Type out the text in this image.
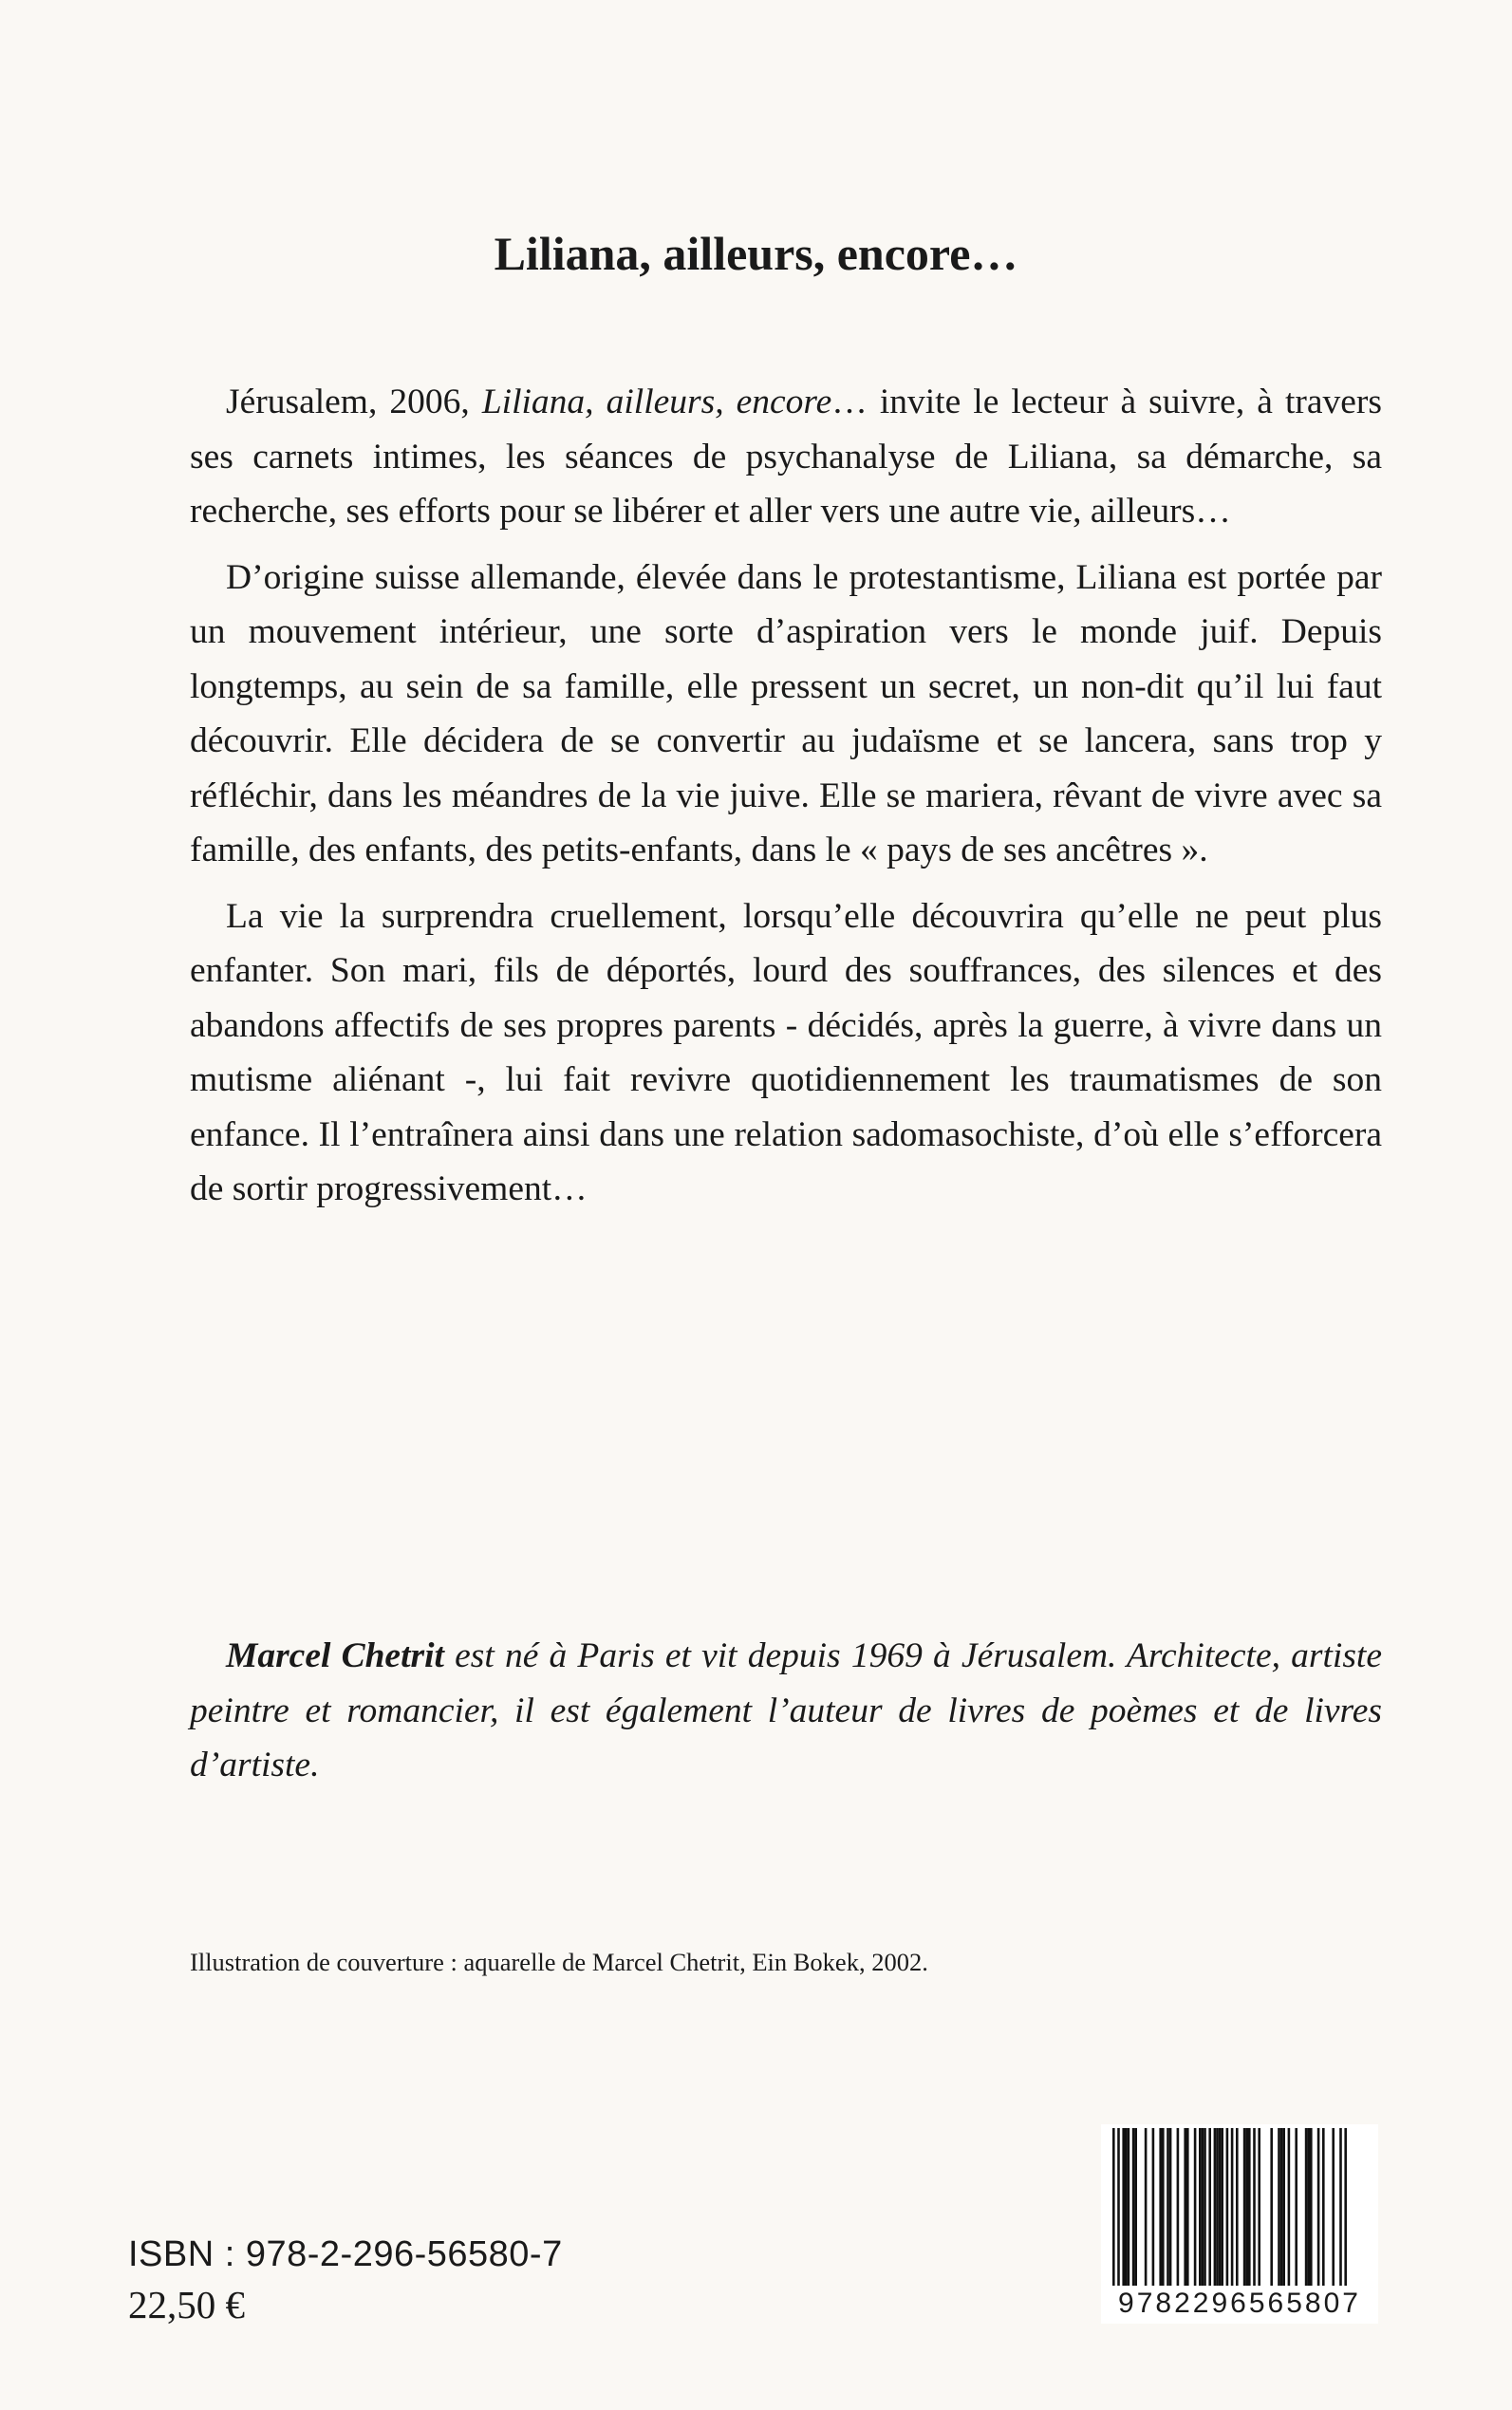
Liliana, ailleurs, encore…

Jérusalem, 2006, Liliana, ailleurs, encore… invite le lecteur à suivre, à travers ses carnets intimes, les séances de psychanalyse de Liliana, sa démarche, sa recherche, ses efforts pour se libérer et aller vers une autre vie, ailleurs…

D’origine suisse allemande, élevée dans le protestantisme, Liliana est portée par un mouvement intérieur, une sorte d’aspiration vers le monde juif. Depuis longtemps, au sein de sa famille, elle pressent un secret, un non-dit qu’il lui faut découvrir. Elle décidera de se convertir au judaïsme et se lancera, sans trop y réfléchir, dans les méandres de la vie juive. Elle se mariera, rêvant de vivre avec sa famille, des enfants, des petits-enfants, dans le « pays de ses ancêtres ».

La vie la surprendra cruellement, lorsqu’elle découvrira qu’elle ne peut plus enfanter. Son mari, fils de déportés, lourd des souffrances, des silences et des abandons affectifs de ses propres parents - décidés, après la guerre, à vivre dans un mutisme aliénant -, lui fait revivre quotidiennement les traumatismes de son enfance. Il l’entraînera ainsi dans une relation sadomasochiste, d’où elle s’efforcera de sortir progressivement…

Marcel Chetrit est né à Paris et vit depuis 1969 à Jérusalem. Architecte, artiste peintre et romancier, il est également l’auteur de livres de poèmes et de livres d’artiste.

Illustration de couverture : aquarelle de Marcel Chetrit, Ein Bokek, 2002.

ISBN : 978-2-296-56580-7

22,50 €	9782296565807
